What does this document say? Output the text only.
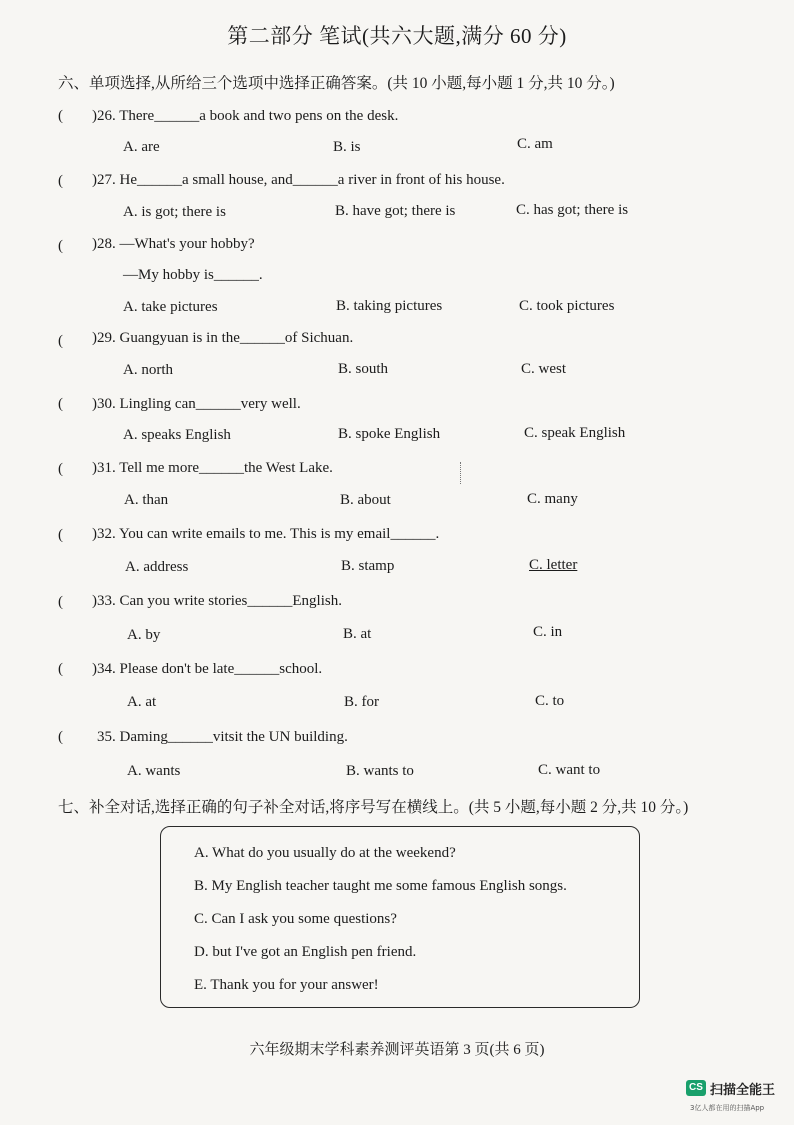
第二部分 笔试(共六大题,满分 60 分)
六、单项选择,从所给三个选项中选择正确答案。(共 10 小题,每小题 1 分,共 10 分。)
( )26. There______a book and two pens on the desk.
A. are	B. is	C. am
( )27. He______a small house, and______a river in front of his house.
A. is got; there is	B. have got; there is	C. has got; there is
( )28. —What's your hobby?
—My hobby is______.
A. take pictures	B. taking pictures	C. took pictures
( )29. Guangyuan is in the______of Sichuan.
A. north	B. south	C. west
( )30. Lingling can______very well.
A. speaks English	B. spoke English	C. speak English
( )31. Tell me more______the West Lake.
A. than	B. about	C. many
( )32. You can write emails to me. This is my email______.
A. address	B. stamp	C. letter
( )33. Can you write stories______English.
A. by	B. at	C. in
( )34. Please don't be late______school.
A. at	B. for	C. to
( 35. Daming______vitsit the UN building.
A. wants	B. wants to	C. want to
七、补全对话,选择正确的句子补全对话,将序号写在横线上。(共 5 小题,每小题 2 分,共 10 分。)
A. What do you usually do at the weekend?
B. My English teacher taught me some famous English songs.
C. Can I ask you some questions?
D. but I've got an English pen friend.
E. Thank you for your answer!
六年级期末学科素养测评英语第 3 页(共 6 页)
CS 扫描全能王
3亿人都在用的扫描App
